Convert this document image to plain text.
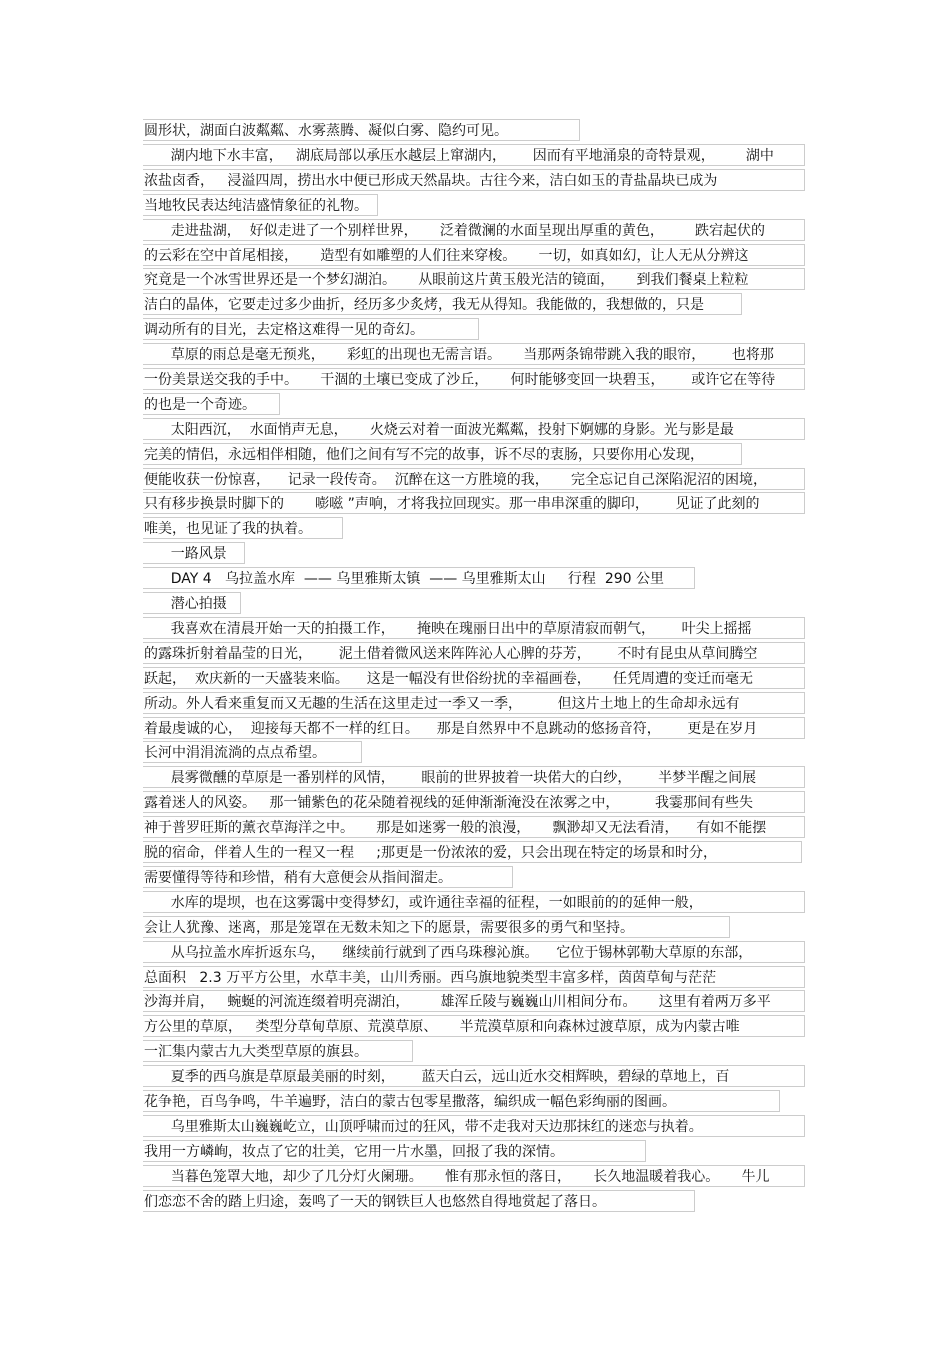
圆形状，湖面白波粼粼、水雾蒸腾、凝似白雾、隐约可见。
湖内地下水丰富，   湖底局部以承压水越层上窜湖内，      因而有平地涌泉的奇特景观，       湖中
浓盐卤香，   浸溢四周，捞出水中便已形成天然晶块。古往今来，洁白如玉的青盐晶块已成为
当地牧民表达纯洁盛情象征的礼物。
走进盐湖，  好似走进了一个别样世界，     泛着微澜的水面呈现出厚重的黄色，       跌宕起伏的
的云彩在空中首尾相接，     造型有如雕塑的人们往来穿梭。     一切，如真如幻，让人无从分辨这
究竟是一个冰雪世界还是一个梦幻湖泊。     从眼前这片黄玉般光洁的镜面，     到我们餐桌上粒粒
洁白的晶体，它要走过多少曲折，经历多少炙烤，我无从得知。我能做的，我想做的，只是
调动所有的目光，去定格这难得一见的奇幻。
草原的雨总是毫无预兆，     彩虹的出现也无需言语。     当那两条锦带跳入我的眼帘，      也将那
一份美景送交我的手中。     干涸的土壤已变成了沙丘，     何时能够变回一块碧玉，      或许它在等待
的也是一个奇迹。
太阳西沉，  水面悄声无息，     火烧云对着一面波光粼粼，投射下婀娜的身影。光与影是最
完美的情侣，永远相伴相随，他们之间有写不完的故事，诉不尽的衷肠，只要你用心发现，
便能收获一份惊喜，    记录一段传奇。  沉醉在这一方胜境的我，     完全忘记自己深陷泥沼的困境，
只有移步换景时脚下的       嘭嗞 ”声响，才将我拉回现实。那一串串深重的脚印，      见证了此刻的
唯美，也见证了我的执着。
一路风景
DAY 4   乌拉盖水库  —— 乌里雅斯太镇  —— 乌里雅斯太山     行程  290 公里
潜心拍摄
我喜欢在清晨开始一天的拍摄工作，     掩映在瑰丽日出中的草原清寂而朝气，      叶尖上摇摇
的露珠折射着晶莹的日光，      泥土借着微风送来阵阵沁人心脾的芬芳，      不时有昆虫从草间腾空
跃起，  欢庆新的一天盛装来临。    这是一幅没有世俗纷扰的幸福画卷，     任凭周遭的变迁而毫无
所动。外人看来重复而又无趣的生活在这里走过一季又一季，        但这片土地上的生命却永远有
着最虔诚的心，  迎接每天都不一样的红日。    那是自然界中不息跳动的悠扬音符，      更是在岁月
长河中涓涓流淌的点点希望。
晨雾微醺的草原是一番别样的风情，      眼前的世界披着一块偌大的白纱，      半梦半醒之间展
露着迷人的风姿。   那一铺紫色的花朵随着视线的延伸渐渐淹没在浓雾之中，        我霎那间有些失
神于普罗旺斯的薰衣草海洋之中。     那是如迷雾一般的浪漫，     飘渺却又无法看清，    有如不能摆
脱的宿命，伴着人生的一程又一程     ;那更是一份浓浓的爱，只会出现在特定的场景和时分，
需要懂得等待和珍惜，稍有大意便会从指间溜走。
水库的堤坝，也在这雾霭中变得梦幻，或许通往幸福的征程，一如眼前的的延伸一般，
会让人犹豫、迷离，那是笼罩在无数未知之下的愿景，需要很多的勇气和坚持。
从乌拉盖水库折返东乌，    继续前行就到了西乌珠穆沁旗。    它位于锡林郭勒大草原的东部，
总面积   2.3 万平方公里，水草丰美，山川秀丽。西乌旗地貌类型丰富多样，茵茵草甸与茫茫
沙海并肩，   蜿蜒的河流连缀着明亮湖泊，       雄浑丘陵与巍巍山川相间分布。     这里有着两万多平
方公里的草原，   类型分草甸草原、荒漠草原、     半荒漠草原和向森林过渡草原，成为内蒙古唯
一汇集内蒙古九大类型草原的旗县。
夏季的西乌旗是草原最美丽的时刻，      蓝天白云，远山近水交相辉映，碧绿的草地上，百
花争艳，百鸟争鸣，牛羊遍野，洁白的蒙古包零星撒落，编织成一幅色彩绚丽的图画。
乌里雅斯太山巍巍屹立，山顶呼啸而过的狂风，带不走我对天边那抹红的迷恋与执着。
我用一方嶙峋，妆点了它的壮美，它用一片水墨，回报了我的深情。
当暮色笼罩大地，却少了几分灯火阑珊。     惟有那永恒的落日，     长久地温暖着我心。     牛儿
们恋恋不舍的踏上归途，轰鸣了一天的钢铁巨人也悠然自得地赏起了落日。
